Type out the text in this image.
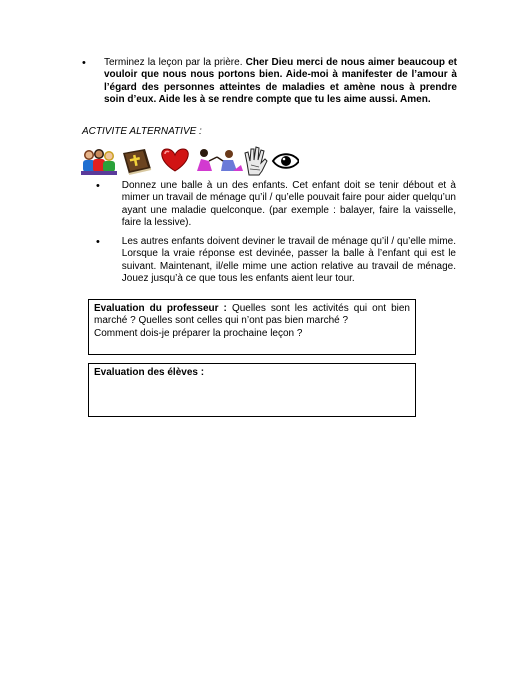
•	Terminez la leçon par la prière. Cher Dieu merci de nous aimer beaucoup et vouloir que nous nous portons bien. Aide-moi à manifester de l’amour à l’égard des personnes atteintes de maladies et amène nous à prendre soin d’eux. Aide les à se rendre compte que tu les aime aussi. Amen.
ACTIVITE ALTERNATIVE :
•	Donnez une balle à un des enfants. Cet enfant doit se tenir débout et à mimer un travail de ménage qu’il / qu’elle pouvait faire pour aider quelqu’un ayant une maladie quelconque. (par exemple : balayer, faire la vaisselle, faire la lessive).
•	Les autres enfants doivent deviner le travail de ménage qu’il / qu’elle mime. Lorsque la vraie réponse est devinée, passer la balle à l’enfant qui est le suivant. Maintenant, il/elle mime une action relative au travail de ménage. Jouez jusqu’à ce que tous les enfants aient leur tour.
Evaluation du professeur : Quelles sont les activités qui ont bien marché ? Quelles sont celles qui n’ont pas bien marché ?
Comment dois-je préparer la prochaine leçon ?
Evaluation des élèves :
